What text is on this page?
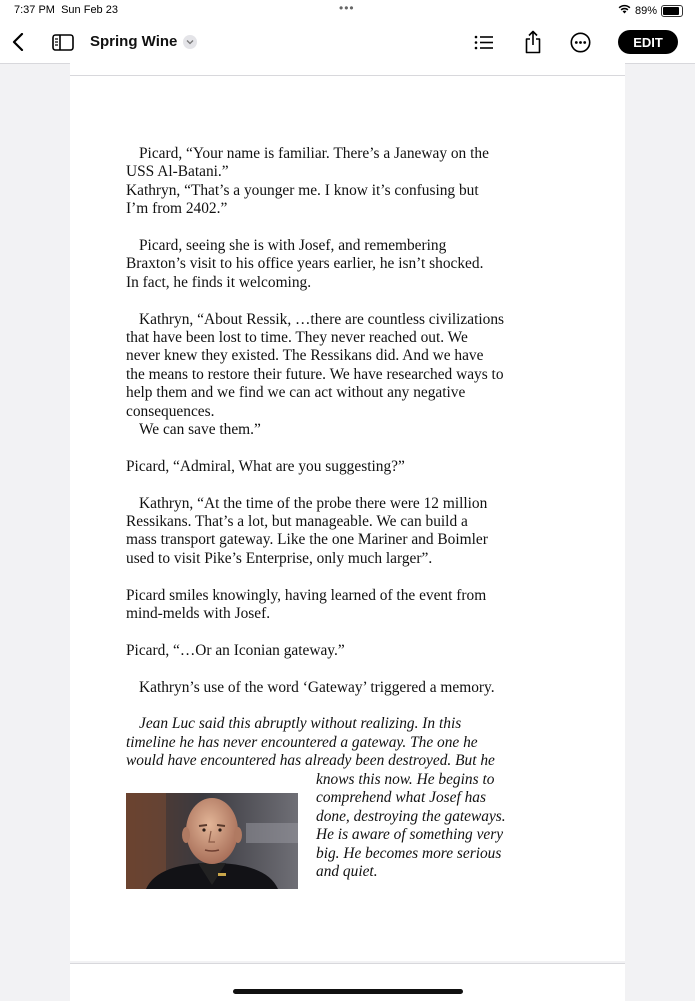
7:37 PM Sun Feb 23	•••	89%
Spring Wine	EDIT

Picard, “Your name is familiar. There’s a Janeway on the

USS Al-Batani.”

Kathryn, “That’s a younger me. I know it’s confusing but

I’m from 2402.”

Picard, seeing she is with Josef, and remembering

Braxton’s visit to his office years earlier, he isn’t shocked.

In fact, he finds it welcoming.

Kathryn, “About Ressik, …there are countless civilizations

that have been lost to time. They never reached out. We

never knew they existed. The Ressikans did. And we have

the means to restore their future. We have researched ways to

help them and we find we can act without any negative

consequences.

We can save them.”

Picard, “Admiral, What are you suggesting?”

Kathryn, “At the time of the probe there were 12 million

Ressikans. That’s a lot, but manageable. We can build a

mass transport gateway. Like the one Mariner and Boimler

used to visit Pike’s Enterprise, only much larger”.

Picard smiles knowingly, having learned of the event from

mind-melds with Josef.

Picard, “…Or an Iconian gateway.”

Kathryn’s use of the word ‘Gateway’ triggered a memory.

Jean Luc said this abruptly without realizing. In this

timeline he has never encountered a gateway. The one he

would have encountered has already been destroyed. But he

knows this now. He begins to

comprehend what Josef has

done, destroying the gateways.

He is aware of something very

big. He becomes more serious

and quiet.
